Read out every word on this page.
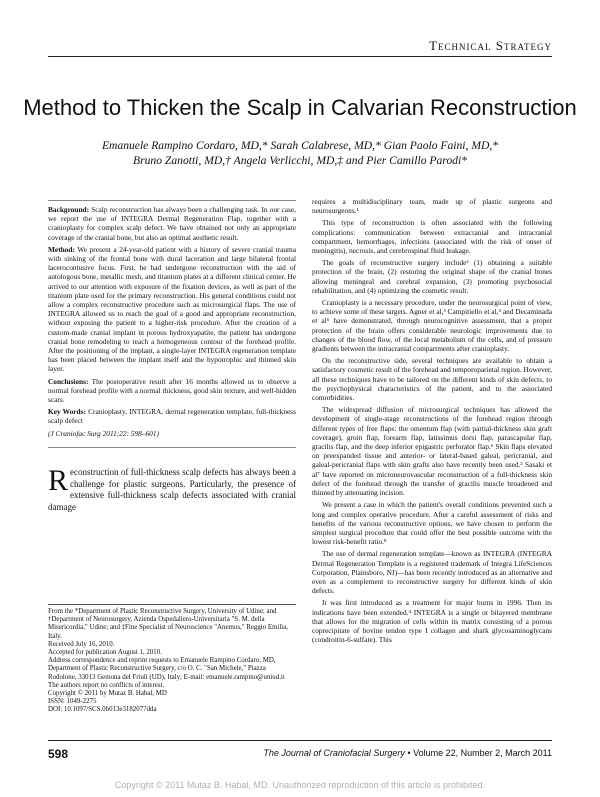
Technical Strategy
Method to Thicken the Scalp in Calvarian Reconstruction
Emanuele Rampino Cordaro, MD,* Sarah Calabrese, MD,* Gian Paolo Faini, MD,*
Bruno Zanotti, MD,† Angela Verlicchi, MD,‡ and Pier Camillo Parodi*

Background: Scalp reconstruction has always been a challenging task. In our case, we report the use of INTEGRA Dermal Regeneration Flap, together with a cranioplasty for complex scalp defect. We have obtained not only an appropriate coverage of the cranial bone, but also an optimal aesthetic result.

Method: We present a 24-year-old patient with a history of severe cranial trauma with sinking of the frontal bone with dural laceration and large bilateral frontal lacerocontusive focus. First, he had undergone reconstruction with the aid of autologous bone, metallic mesh, and titanium plates at a different clinical center. He arrived to our attention with exposure of the fixation devices, as well as part of the titanium plate used for the primary reconstruction. His general conditions could not allow a complex reconstructive procedure such as microsurgical flaps. The use of INTEGRA allowed us to reach the goal of a good and appropriate reconstruction, without exposing the patient to a higher-risk procedure. After the creation of a custom-made cranial implant in porous hydroxyapatite, the patient has undergone cranial bone remodeling to reach a homogeneous contour of the forehead profile. After the positioning of the implant, a single-layer INTEGRA regeneration template has been placed between the implant itself and the hypotrophic and thinned skin layer.

Conclusions: The postoperative result after 16 months allowed us to observe a normal forehead profile with a normal thickness, good skin texture, and well-hidden scars.

Key Words: Cranioplasty, INTEGRA, dermal regeneration template, full-thickness scalp defect

(J Craniofac Surg 2011;22: 598–601)

Reconstruction of full-thickness scalp defects has always been a challenge for plastic surgeons. Particularly, the presence of extensive full-thickness scalp defects associated with cranial damage
From the *Department of Plastic Reconstructive Surgery, University of Udine; and †Department of Neurosurgery, Azienda Ospedaliero-Universitaria "S. M. della Misericordia," Udine; and ‡Fine Specialist of Neuroscience "Anemos," Reggio Emilia, Italy.
Received July 16, 2010.
Accepted for publication August 1, 2010.
Address correspondence and reprint requests to Emanuele Rampino Cordaro, MD, Department of Plastic Reconstructive Surgery, c/o O. C. "San Michele," Piazza Rodolone, 33013 Gemona del Friuli (UD), Italy; E-mail: emanuele.rampino@uniud.it
The authors report no conflicts of interest.
Copyright © 2011 by Mutaz B. Habal, MD
ISSN: 1049-2275
DOI: 10.1097/SCS.0b013e3182077dda

requires a multidisciplinary team, made up of plastic surgeons and neurosurgeons.¹

This type of reconstruction is often associated with the following complications: communication between extracranial and intracranial compartment, hemorrhages, infections (associated with the risk of onset of meningitis), necrosis, and cerebrospinal fluid leakage.

The goals of reconstructive surgery include² (1) obtaining a suitable protection of the brain, (2) restoring the original shape of the cranial bones allowing meningeal and cerebral expansion, (3) promoting psychosocial rehabilitation, and (4) optimizing the cosmetic result.

Cranioplasty is a necessary procedure, under the neurosurgical point of view, to achieve some of these targets. Agner et al,³ Campitiello et al,⁴ and Decaminada et al⁵ have demonstrated, through neurocognitive assessment, that a proper protection of the brain offers considerable neurologic improvements due to changes of the blood flow, of the local metabolism of the cells, and of pressure gradients between the intracranial compartments after cranioplasty.

On the reconstructive side, several techniques are available to obtain a satisfactory cosmetic result of the forehead and temporoparietal region. However, all these techniques have to be tailored on the different kinds of skin defects, to the psychophysical characteristics of the patient, and to the associated comorbidities.

The widespread diffusion of microsurgical techniques has allowed the development of single-stage reconstructions of the forehead region through different types of free flaps: the omentum flap (with partial-thickness skin graft coverage), groin flap, forearm flap, latissimus dorsi flap, parascapular flap, gracilis flap, and the deep inferior epigastric perforator flap.⁶ Skin flaps elevated on preexpanded tissue and anterior- or lateral-based galeal, pericranial, and galeal-pericranial flaps with skin grafts also have recently been used.² Sasaki et al⁷ have reported on microneurovascular reconstruction of a full-thickness skin defect of the forehead through the transfer of gracilis muscle broadened and thinned by attenuating incision.

We present a case in which the patient's overall conditions prevented such a long and complex operative procedure. After a careful assessment of risks and benefits of the various reconstructive options, we have chosen to perform the simplest surgical procedure that could offer the best possible outcome with the lowest risk-benefit ratio.⁸

The use of dermal regeneration template—known as INTEGRA (INTEGRA Dermal Regeneration Template is a registered trademark of Integra LifeSciences Corporation, Plainsboro, NJ)—has been recently introduced as an alternative and even as a complement to reconstructive surgery for different kinds of skin defects.

It was first introduced as a treatment for major burns in 1996. Then its indications have been extended.⁴ INTEGRA is a single or bilayered membrane that allows for the migration of cells within its matrix consisting of a porous coprecipitate of bovine tendon type I collagen and shark glycosaminoglycans (condroitin-6-sulfate). This

598	The Journal of Craniofacial Surgery • Volume 22, Number 2, March 2011
Copyright © 2011 Mutaz B. Habal, MD. Unauthorized reproduction of this article is prohibited.
